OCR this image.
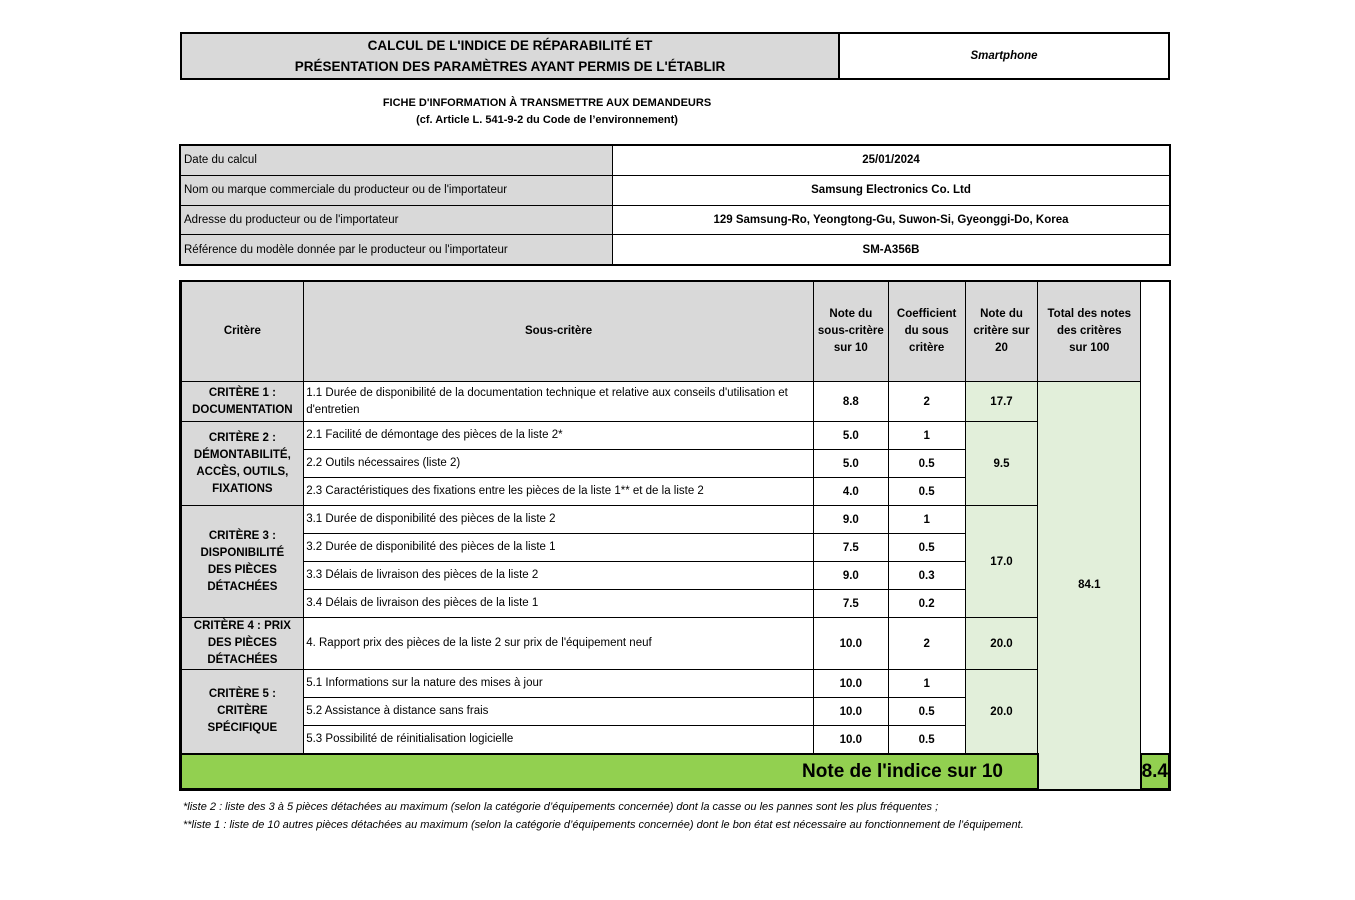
CALCUL DE L'INDICE DE RÉPARABILITÉ ET
PRÉSENTATION DES PARAMÈTRES AYANT PERMIS DE L'ÉTABLIR
	Smartphone
FICHE D'INFORMATION À TRANSMETTRE AUX DEMANDEURS
(cf. Article L. 541-9-2 du Code de l’environnement)
Date du calcul	25/01/2024
Nom ou marque commerciale du producteur ou de l'importateur	Samsung Electronics Co. Ltd
Adresse du producteur ou de l'importateur	129 Samsung-Ro, Yeongtong-Gu, Suwon-Si, Gyeonggi-Do, Korea
Référence du modèle donnée par le producteur ou l'importateur	SM-A356B
Critère	Sous-critère	Note du sous-critère sur 10	Coefficient du sous critère	Note du critère sur 20	Total des notes des critères sur 100	
CRITÈRE 1 : DOCUMENTATION	1.1 Durée de disponibilité de la documentation technique et relative aux conseils d'utilisation et d'entretien	8.8	2	17.7	84.1	
CRITÈRE 2 : DÉMONTABILITÉ, ACCÈS, OUTILS, FIXATIONS	2.1 Facilité de démontage des pièces de la liste 2*	5.0	1	9.5		
	2.2 Outils nécessaires (liste 2)	5.0	0.5			
	2.3 Caractéristiques des fixations entre les pièces de la liste 1** et de la liste 2	4.0	0.5			
CRITÈRE 3 : DISPONIBILITÉ DES PIÈCES DÉTACHÉES	3.1 Durée de disponibilité des pièces de la liste 2	9.0	1	17.0		
	3.2 Durée de disponibilité des pièces de la liste 1	7.5	0.5			
	3.3 Délais de livraison des pièces de la liste 2	9.0	0.3			
	3.4 Délais de livraison des pièces de la liste 1	7.5	0.2			
CRITÈRE 4 : PRIX DES PIÈCES DÉTACHÉES	4. Rapport prix des pièces de la liste 2 sur prix de l'équipement neuf	10.0	2	20.0		
CRITÈRE 5 : CRITÈRE SPÉCIFIQUE	5.1 Informations sur la nature des mises à jour	10.0	1	20.0		
	5.2 Assistance à distance sans frais	10.0	0.5			
	5.3 Possibilité de réinitialisation logicielle	10.0	0.5			
Note de l'indice sur 10						8.4
*liste 2 : liste des 3 à 5 pièces détachées au maximum (selon la catégorie d’équipements concernée) dont la casse ou les pannes sont les plus fréquentes ;
**liste 1 : liste de 10 autres pièces détachées au maximum (selon la catégorie d’équipements concernée) dont le bon état est nécessaire au fonctionnement de l’équipement.
